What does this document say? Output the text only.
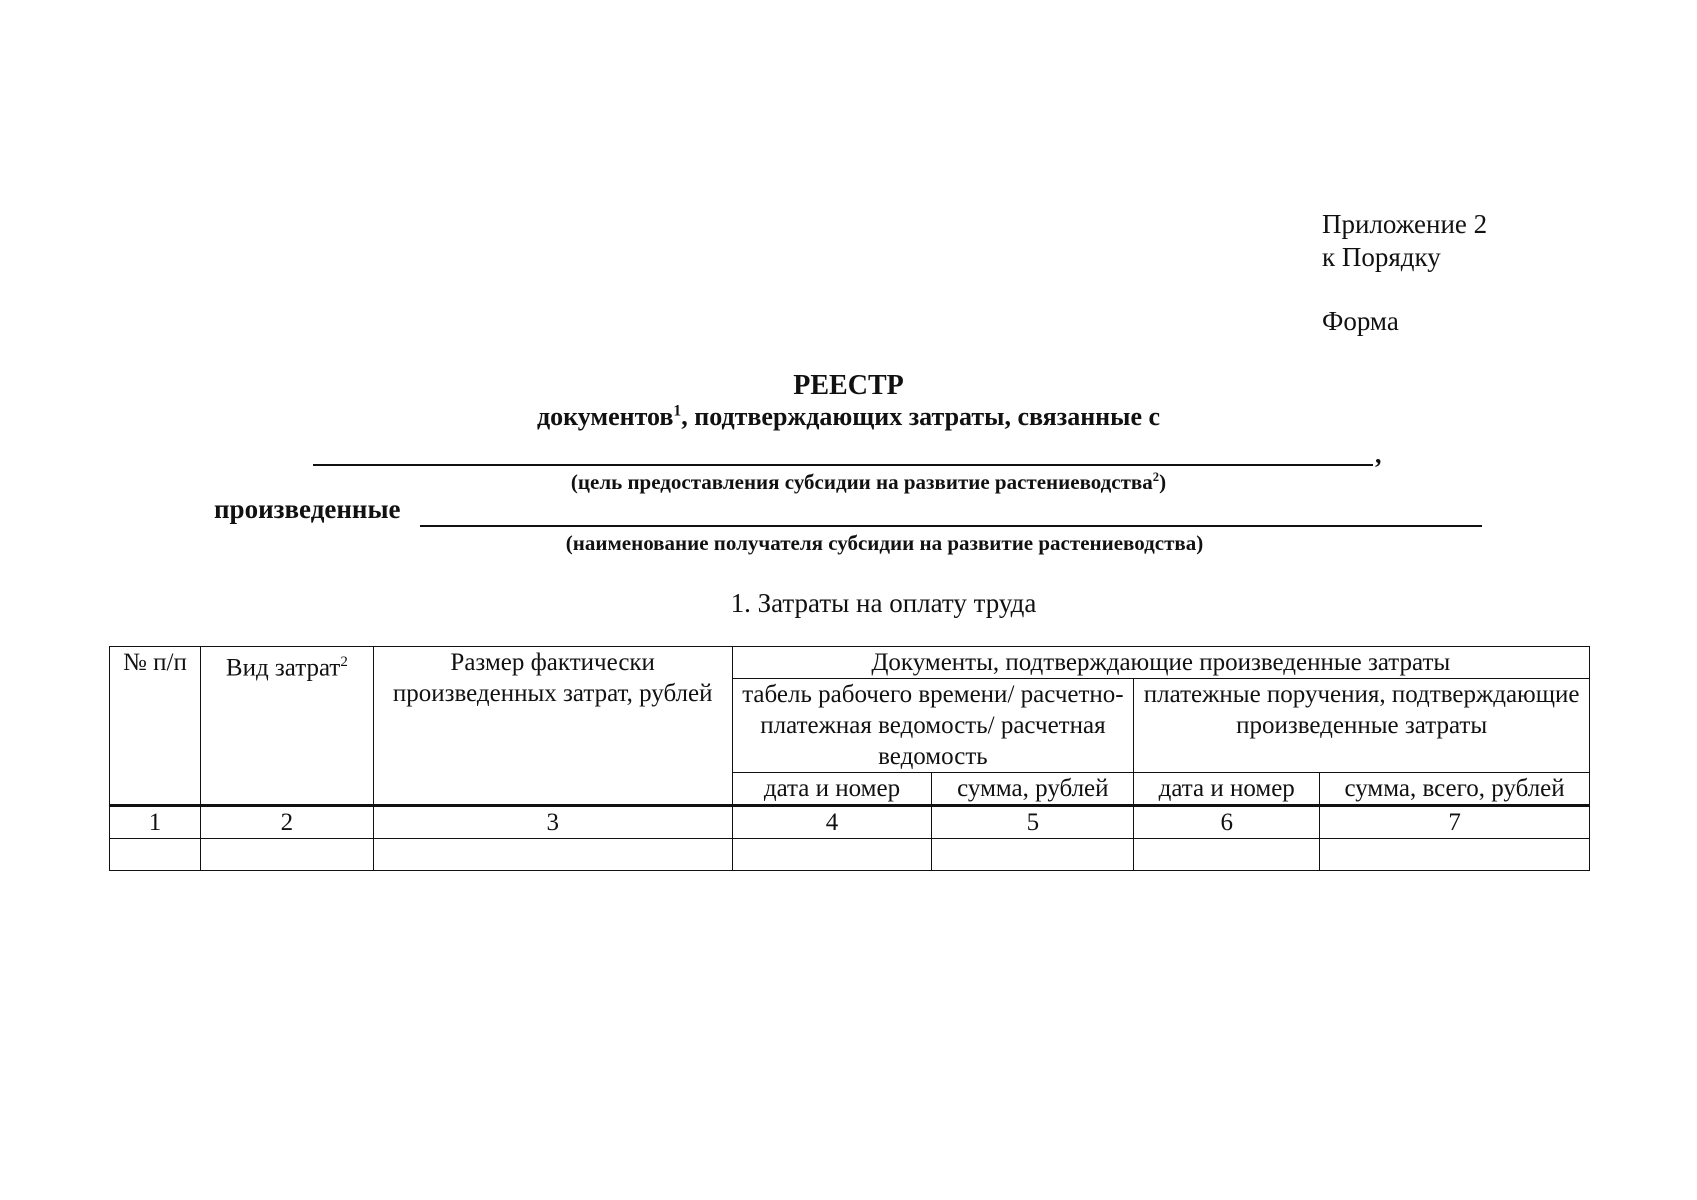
Приложение 2
к Порядку
Форма
РЕЕСТР
документов$^1$, подтверждающих затраты, связанные с
,
(цель предоставления субсидии на развитие растениеводства$^2$)
произведенные
(наименование получателя субсидии на развитие растениеводства)
1. Затраты на оплату труда
№ п/п	Вид затрат$^2$	Размер фактически произведенных затрат, рублей	Документы, подтверждающие произведенные затраты			
			табель рабочего времени/ расчетно-платежная ведомость/ расчетная ведомость		платежные поручения, подтверждающие произведенные затраты	
			дата и номер	сумма, рублей	дата и номер	сумма, всего, рублей
1	2	3	4	5	6	7
